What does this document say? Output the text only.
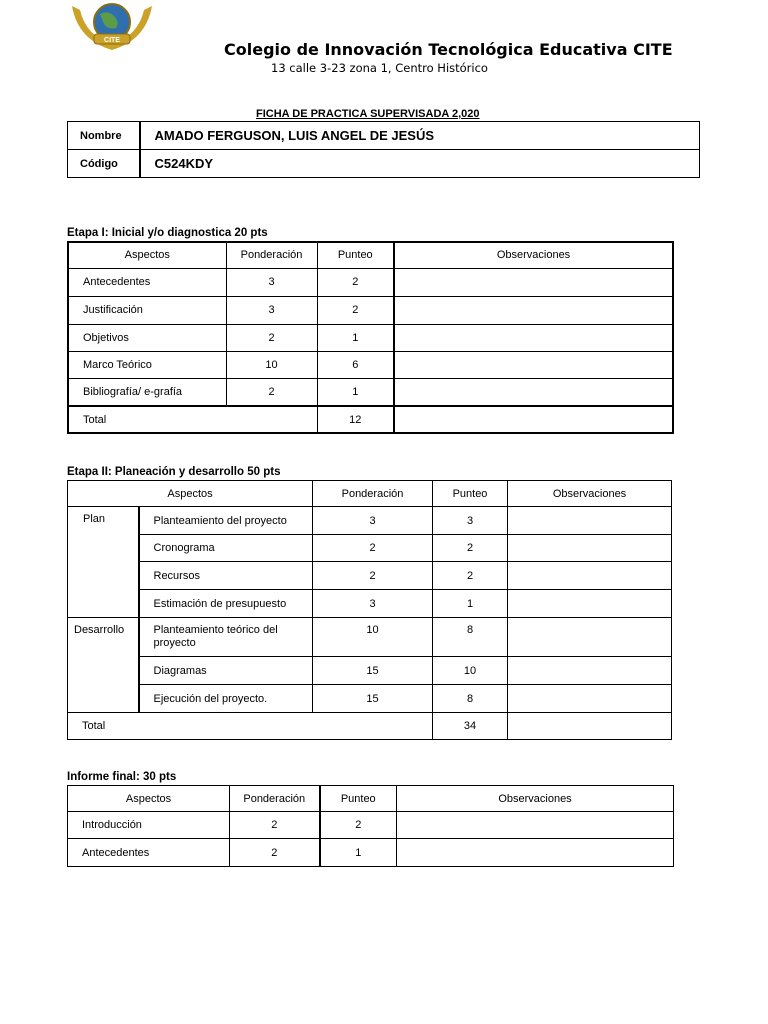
CITE	Colegio de Innovación Tecnológica Educativa CITE
13 calle 3-23 zona 1, Centro Histórico
FICHA DE PRACTICA SUPERVISADA 2,020
Nombre	AMADO FERGUSON, LUIS ANGEL DE JESÚS
Código	C524KDY
Etapa I: Inicial y/o diagnostica 20 pts
Aspectos	Ponderación	Punteo	Observaciones
Antecedentes	3	2	
Justificación	3	2	
Objetivos	2	1	
Marco Teórico	10	6	
Bibliografía/ e-grafía	2	1	
Total		12	
Etapa II: Planeación y desarrollo 50 pts
Aspectos		Ponderación	Punteo	Observaciones
Plan	Planteamiento del proyecto	3	3	
	Cronograma	2	2	
	Recursos	2	2	
	Estimación de presupuesto	3	1	
Desarrollo	Planteamiento teórico del proyecto	10	8	
	Diagramas	15	10	
	Ejecución del proyecto.	15	8	
Total			34	
Informe final: 30 pts
Aspectos	Ponderación	Punteo	Observaciones
Introducción	2	2	
Antecedentes	2	1	
